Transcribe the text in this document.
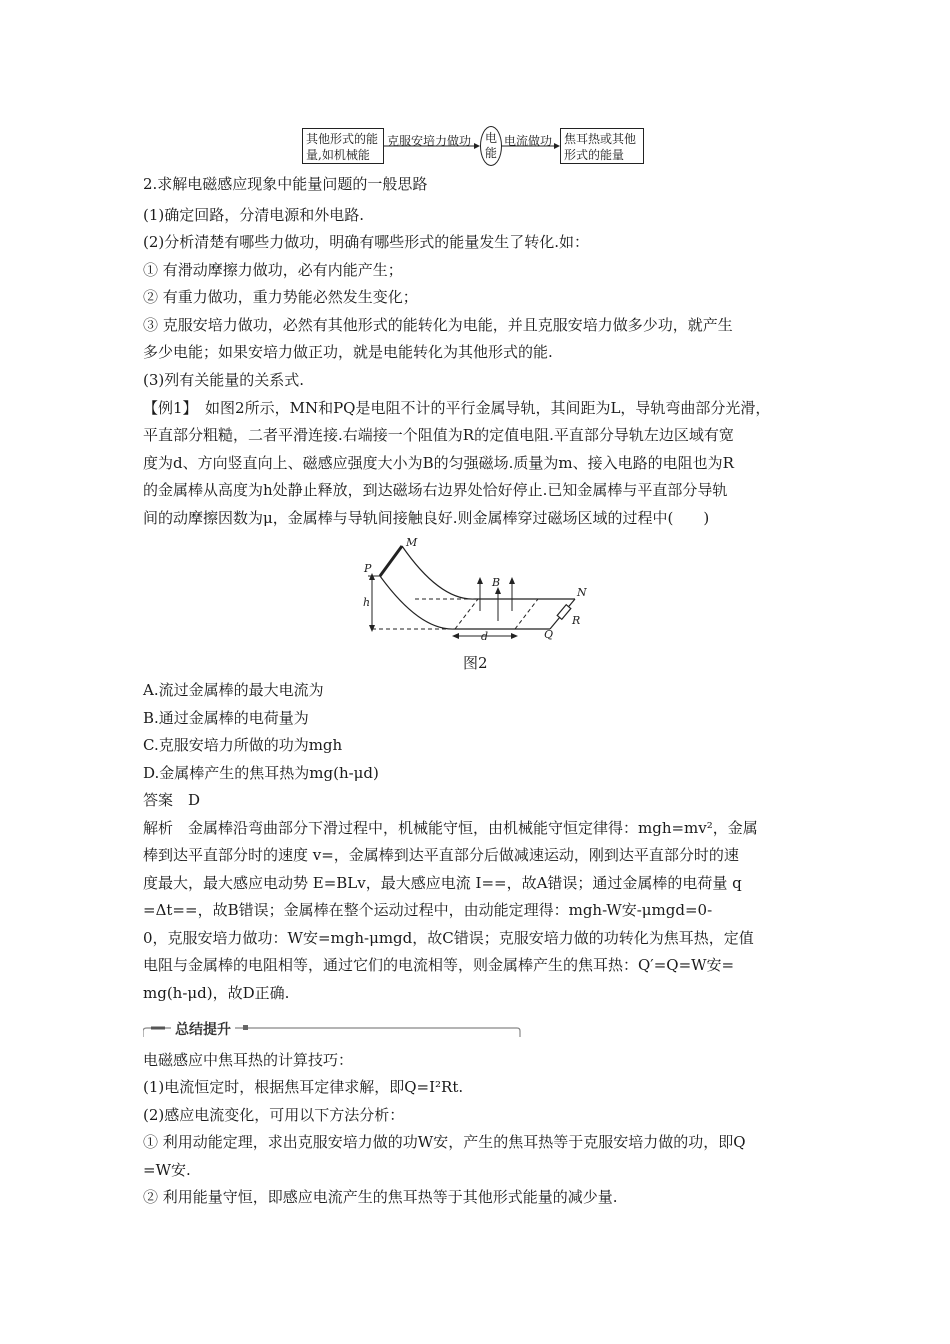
其他形式的能量,如机械能
克服安培力做功	电能
电流做功 焦耳热或其他形式的能量
2.求解电磁感应现象中能量问题的一般思路
(1)确定回路，分清电源和外电路.
(2)分析清楚有哪些力做功，明确有哪些形式的能量发生了转化.如：
① 有滑动摩擦力做功，必有内能产生；
② 有重力做功，重力势能必然发生变化；
③ 克服安培力做功，必然有其他形式的能转化为电能，并且克服安培力做多少功，就产生
多少电能；如果安培力做正功，就是电能转化为其他形式的能.
(3)列有关能量的关系式.
【例1】　如图2所示，MN和PQ是电阻不计的平行金属导轨，其间距为L，导轨弯曲部分光滑，
平直部分粗糙，二者平滑连接.右端接一个阻值为R的定值电阻.平直部分导轨左边区域有宽
度为d、方向竖直向上、磁感应强度大小为B的匀强磁场.质量为m、接入电路的电阻也为R
的金属棒从高度为h处静止释放，到达磁场右边界处恰好停止.已知金属棒与平直部分导轨
间的动摩擦因数为μ，金属棒与导轨间接触良好.则金属棒穿过磁场区域的过程中(　　)
P
M
B
N
h
d	Q
R
图2
A.流过金属棒的最大电流为
B.通过金属棒的电荷量为
C.克服安培力所做的功为mgh
D.金属棒产生的焦耳热为mg(h-μd)
答案　D
解析　金属棒沿弯曲部分下滑过程中，机械能守恒，由机械能守恒定律得：mgh=mv²，金属
棒到达平直部分时的速度 v=，金属棒到达平直部分后做减速运动，刚到达平直部分时的速
度最大，最大感应电动势 E=BLv，最大感应电流 I==，故A错误；通过金属棒的电荷量 q
=Δt==，故B错误；金属棒在整个运动过程中，由动能定理得：mgh-W安-μmgd=0-
0，克服安培力做功：W安=mgh-μmgd，故C错误；克服安培力做的功转化为焦耳热，定值
电阻与金属棒的电阻相等，通过它们的电流相等，则金属棒产生的焦耳热：Q′=Q=W安=
mg(h-μd)，故D正确.
总结提升
电磁感应中焦耳热的计算技巧：
(1)电流恒定时，根据焦耳定律求解，即Q=I²Rt.
(2)感应电流变化，可用以下方法分析：
① 利用动能定理，求出克服安培力做的功W安，产生的焦耳热等于克服安培力做的功，即Q
=W安.
② 利用能量守恒，即感应电流产生的焦耳热等于其他形式能量的减少量.
